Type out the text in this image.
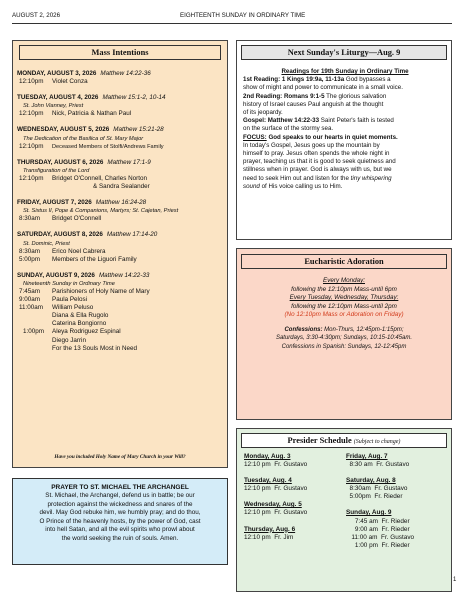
AUGUST 2, 2026	EIGHTEENTH SUNDAY IN ORDINARY TIME
Mass Intentions
MONDAY, AUGUST 3, 2026 Matthew 14:22-36
12:10pm Violet Conza
TUESDAY, AUGUST 4, 2026 Matthew 15:1-2, 10-14
St. John Vianney, Priest
12:10pm Nick, Patricia & Nathan Paul
WEDNESDAY, AUGUST 5, 2026 Matthew 15:21-28
The Dedication of the Basilica of St. Mary Major
12:10pm Deceased Members of Stolfi/Andrews Family
THURSDAY, AUGUST 6, 2026 Matthew 17:1-9
Transfiguration of the Lord
12:10pm Bridget O'Connell, Charles Norton
& Sandra Sealander
FRIDAY, AUGUST 7, 2026 Matthew 16:24-28
St. Sixtus II, Pope & Companions, Martyrs; St. Cajetan, Priest
8:30am Bridget O'Connell
SATURDAY, AUGUST 8, 2026 Matthew 17:14-20
St. Dominic, Priest
8:30am Erico Noel Cabrera
5:00pm Members of the Liguori Family
SUNDAY, AUGUST 9, 2026 Matthew 14:22-33
Nineteenth Sunday in Ordinary Time
7:45am Parishioners of Holy Name of Mary
9:00am Paula Pelosi
11:00am William Peluso
Diana & Ella Rugolo
Caterina Bongiorno
1:00pm Aleya Rodriguez Espinal
Diego Jarrin
For the 13 Souls Most in Need
Have you included Holy Name of Mary Church in your Will?
PRAYER TO ST. MICHAEL THE ARCHANGEL
St. Michael, the Archangel, defend us in battle; be our
protection against the wickedness and snares of the
devil. May God rebuke him, we humbly pray; and do thou,
O Prince of the heavenly hosts, by the power of God, cast
into hell Satan, and all the evil spirits who prowl about
the world seeking the ruin of souls. Amen.
Next Sunday's Liturgy—Aug. 9
Readings for 19th Sunday in Ordinary Time
1st Reading: 1 Kings 19:9a, 11-13a God bypasses a
show of might and power to communicate in a small voice.
2nd Reading: Romans 9:1-5 The glorious salvation
history of Israel causes Paul anguish at the thought
of its jeopardy.
Gospel: Matthew 14:22-33 Saint Peter's faith is tested
on the surface of the stormy sea.
FOCUS: God speaks to our hearts in quiet moments.
In today's Gospel, Jesus goes up the mountain by
himself to pray. Jesus often spends the whole night in
prayer, teaching us that it is good to seek quietness and
stillness when in prayer. God is always with us, but we
need to seek Him out and listen for the tiny whispering
sound of His voice calling us to Him.
Eucharistic Adoration
Every Monday:
following the 12:10pm Mass-until 6pm
Every Tuesday, Wednesday, Thursday:
following the 12:10pm Mass-until 2pm
(No 12:10pm Mass or Adoration on Friday)
Confessions: Mon-Thurs, 12:45pm-1:15pm;
Saturdays, 3:30-4:30pm; Sundays, 10:15-10:45am.
Confessions in Spanish: Sundays, 12-12:45pm
Presider Schedule (Subject to change)
Monday, Aug. 3
12:10 pm  Fr. Gustavo
Tuesday, Aug. 4
12:10 pm  Fr. Gustavo
Wednesday, Aug. 5
12:10 pm  Fr. Gustavo
Thursday, Aug. 6
12:10 pm  Fr. Jim
Friday, Aug. 7
8:30 am  Fr. Gustavo
Saturday, Aug. 8
8:30am  Fr. Gustavo
5:00pm  Fr. Rieder
Sunday, Aug. 9
7:45 am  Fr. Rieder
9:00 am  Fr. Rieder
11:00 am  Fr. Gustavo
1:00 pm  Fr. Rieder
1
